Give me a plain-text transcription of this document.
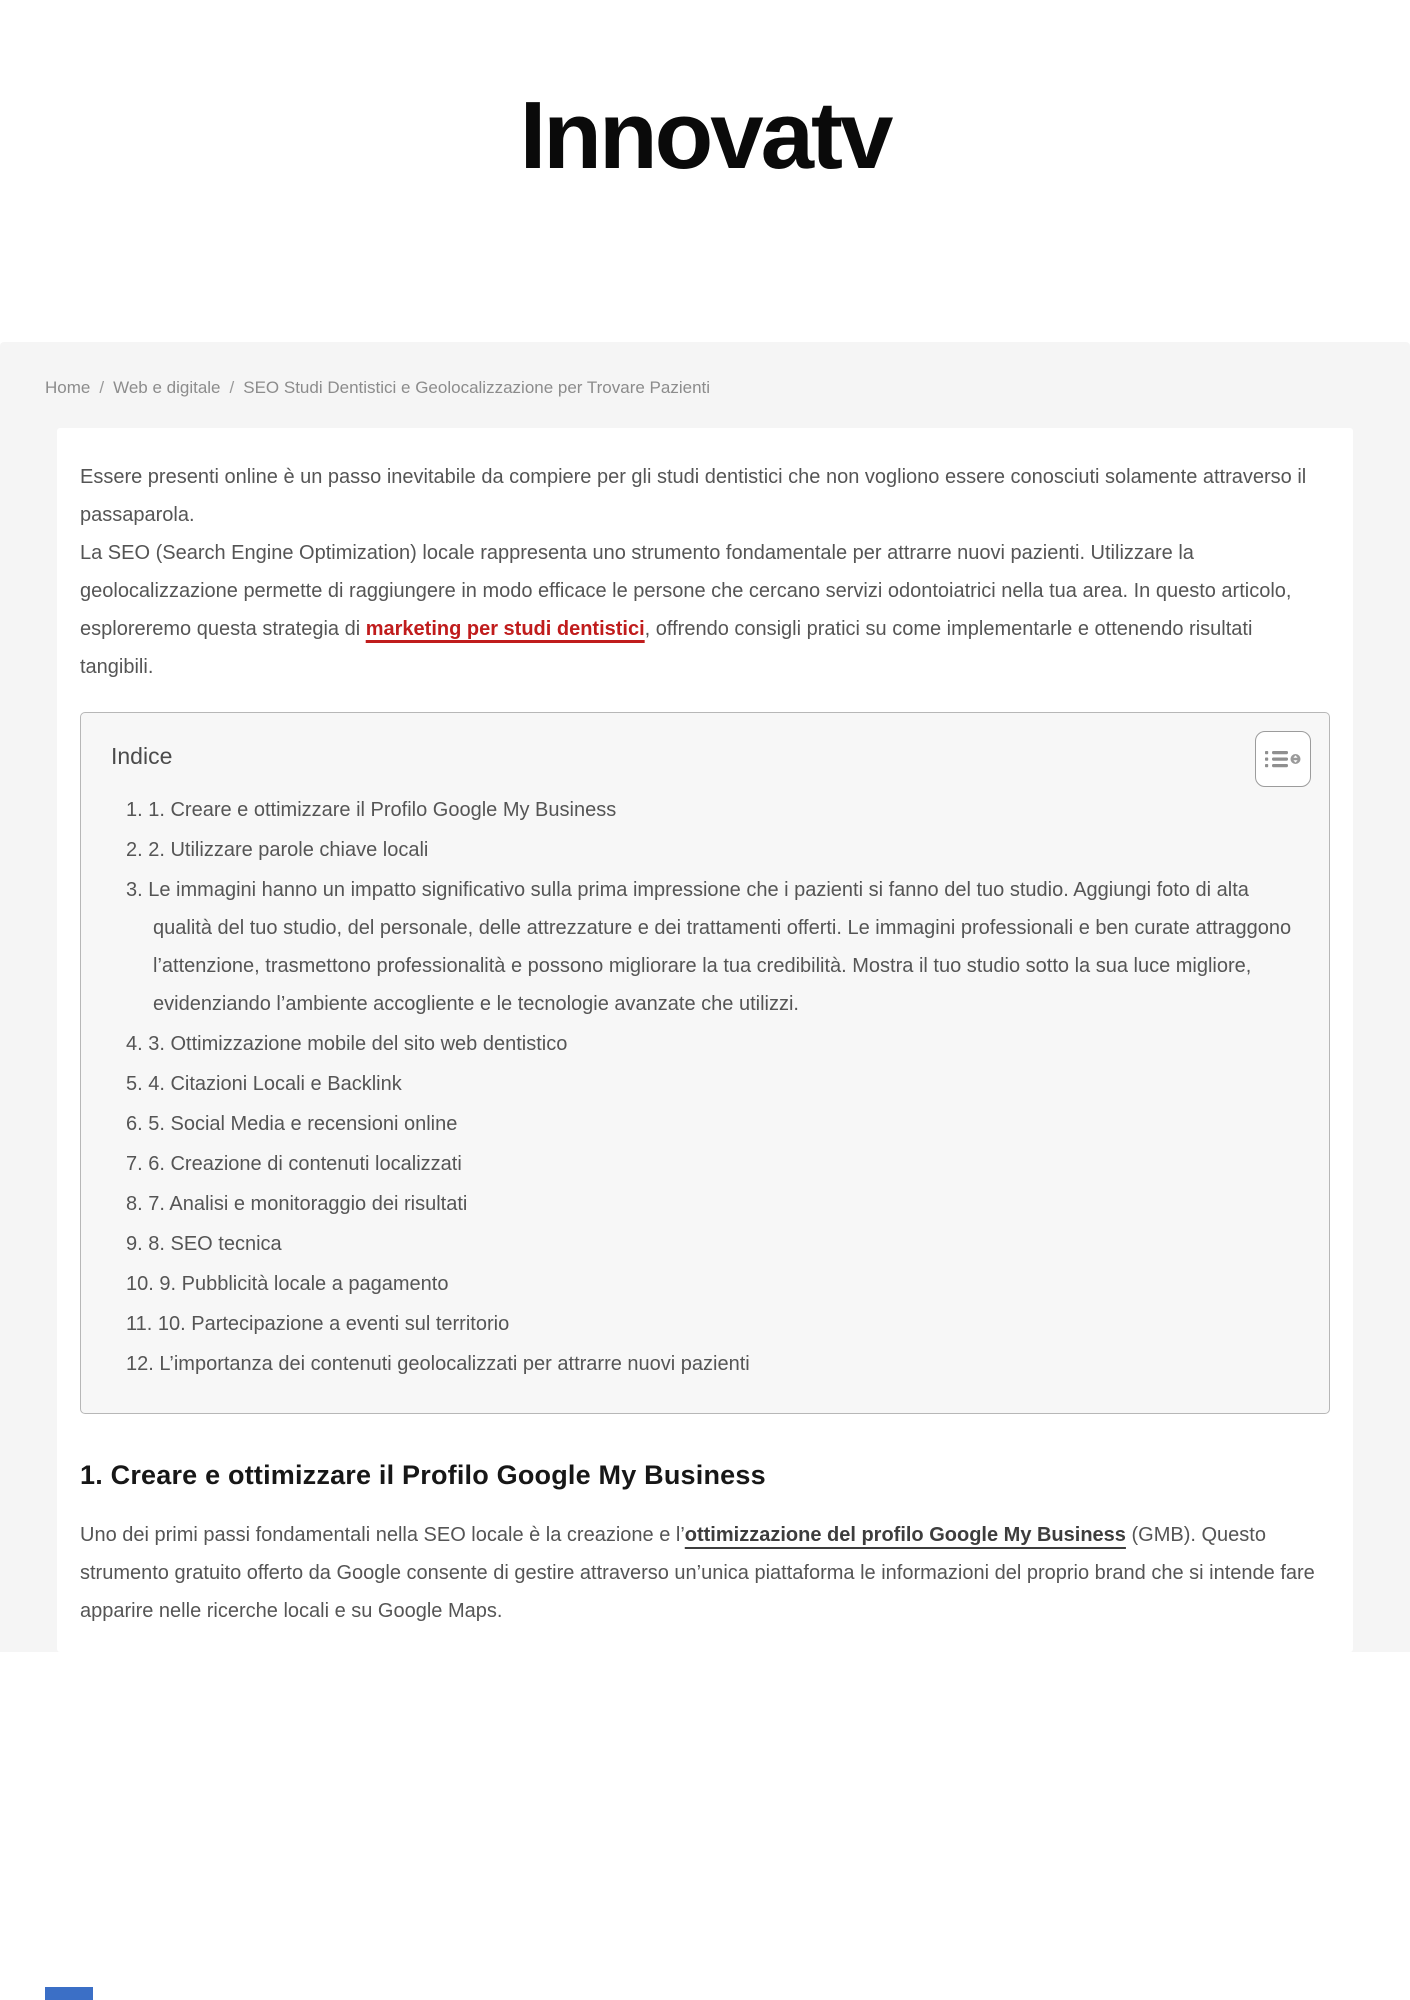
Innovatv
Home / Web e digitale / SEO Studi Dentistici e Geolocalizzazione per Trovare Pazienti

Essere presenti online è un passo inevitabile da compiere per gli studi dentistici che non vogliono essere conosciuti solamente attraverso il passaparola.

La SEO (Search Engine Optimization) locale rappresenta uno strumento fondamentale per attrarre nuovi pazienti. Utilizzare la geolocalizzazione permette di raggiungere in modo efficace le persone che cercano servizi odontoiatrici nella tua area. In questo articolo, esploreremo questa strategia di marketing per studi dentistici, offrendo consigli pratici su come implementarle e ottenendo risultati tangibili.

Indice
1. Creare e ottimizzare il Profilo Google My Business
2. Utilizzare parole chiave locali
Le immagini hanno un impatto significativo sulla prima impressione che i pazienti si fanno del tuo studio. Aggiungi foto di alta qualità del tuo studio, del personale, delle attrezzature e dei trattamenti offerti. Le immagini professionali e ben curate attraggono l’attenzione, trasmettono professionalità e possono migliorare la tua credibilità. Mostra il tuo studio sotto la sua luce migliore, evidenziando l’ambiente accogliente e le tecnologie avanzate che utilizzi.
3. Ottimizzazione mobile del sito web dentistico
4. Citazioni Locali e Backlink
5. Social Media e recensioni online
6. Creazione di contenuti localizzati
7. Analisi e monitoraggio dei risultati
8. SEO tecnica
9. Pubblicità locale a pagamento
10. Partecipazione a eventi sul territorio
L’importanza dei contenuti geolocalizzati per attrarre nuovi pazienti
1. Creare e ottimizzare il Profilo Google My Business

Uno dei primi passi fondamentali nella SEO locale è la creazione e l’ottimizzazione del profilo Google My Business (GMB). Questo strumento gratuito offerto da Google consente di gestire attraverso un’unica piattaforma le informazioni del proprio brand che si intende fare apparire nelle ricerche locali e su Google Maps.
